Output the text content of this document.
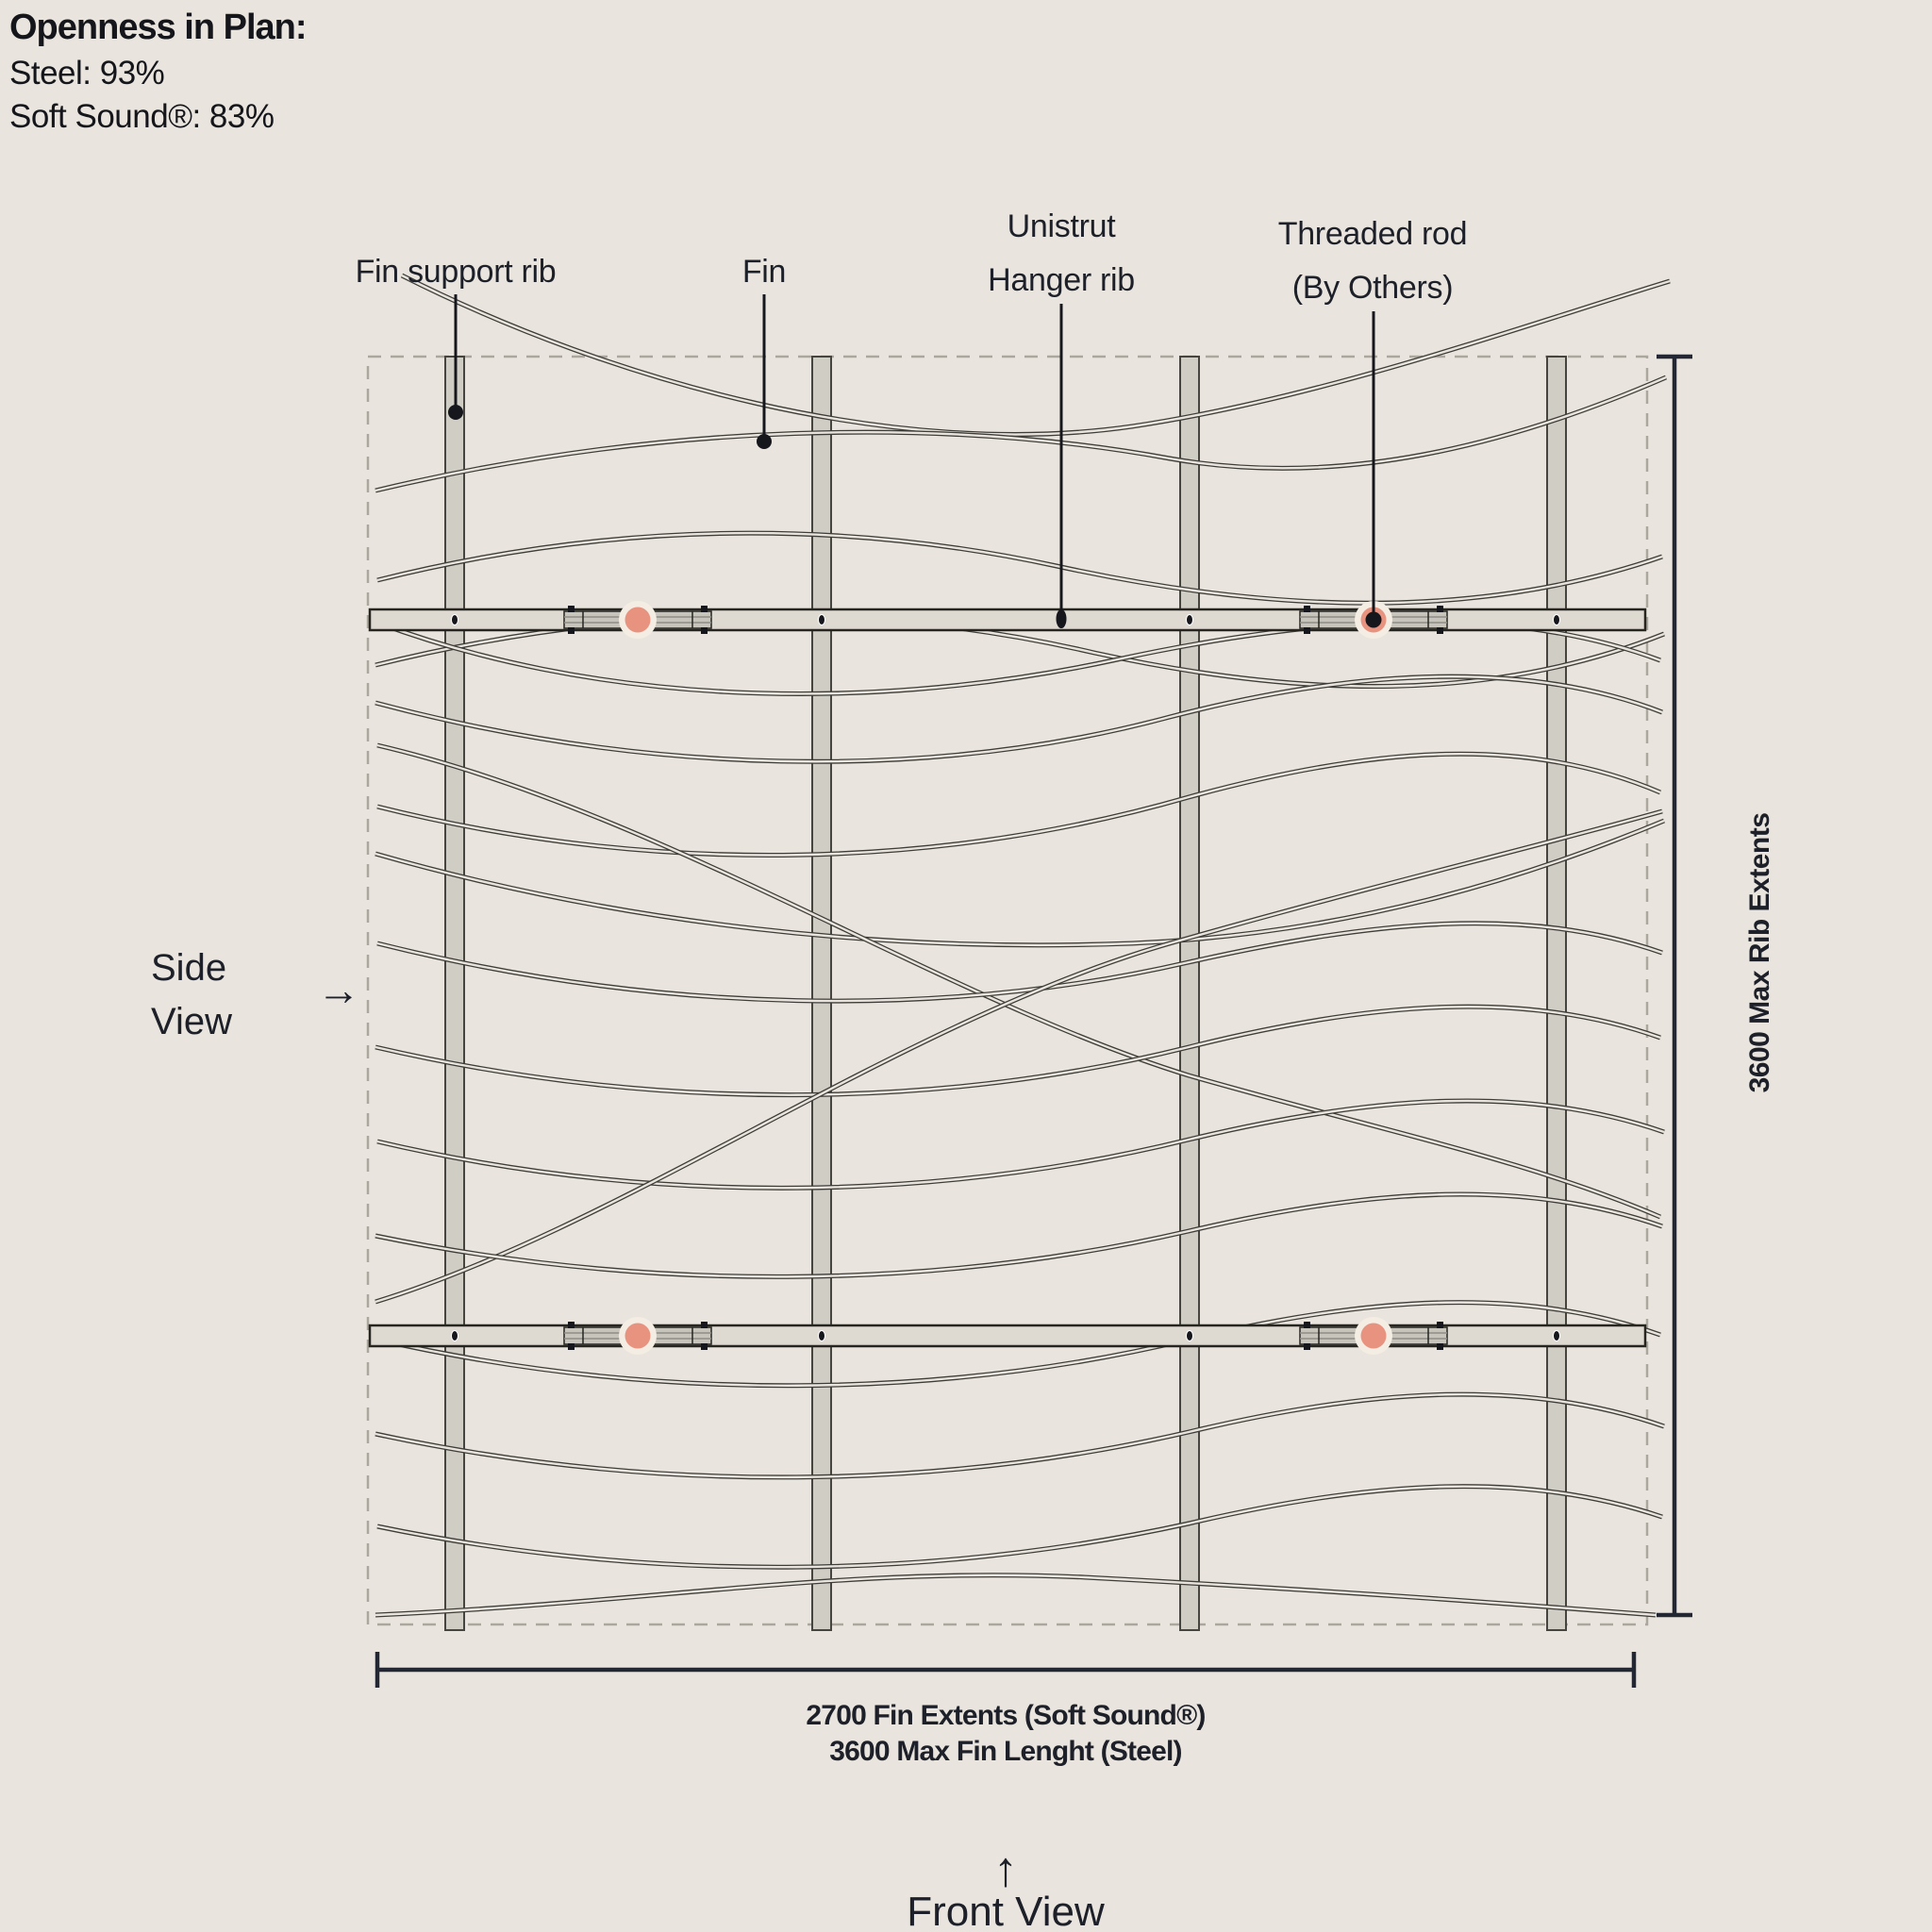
Openness in Plan:
Steel: 93%
Soft Sound®: 83%
Fin support rib	Fin
Unistrut
Hanger rib
Threaded rod
(By Others)
Side
View
→	3600 Max Rib Extents
2700 Fin Extents (Soft Sound®)
3600 Max Fin Lenght (Steel)
↑
Front View
